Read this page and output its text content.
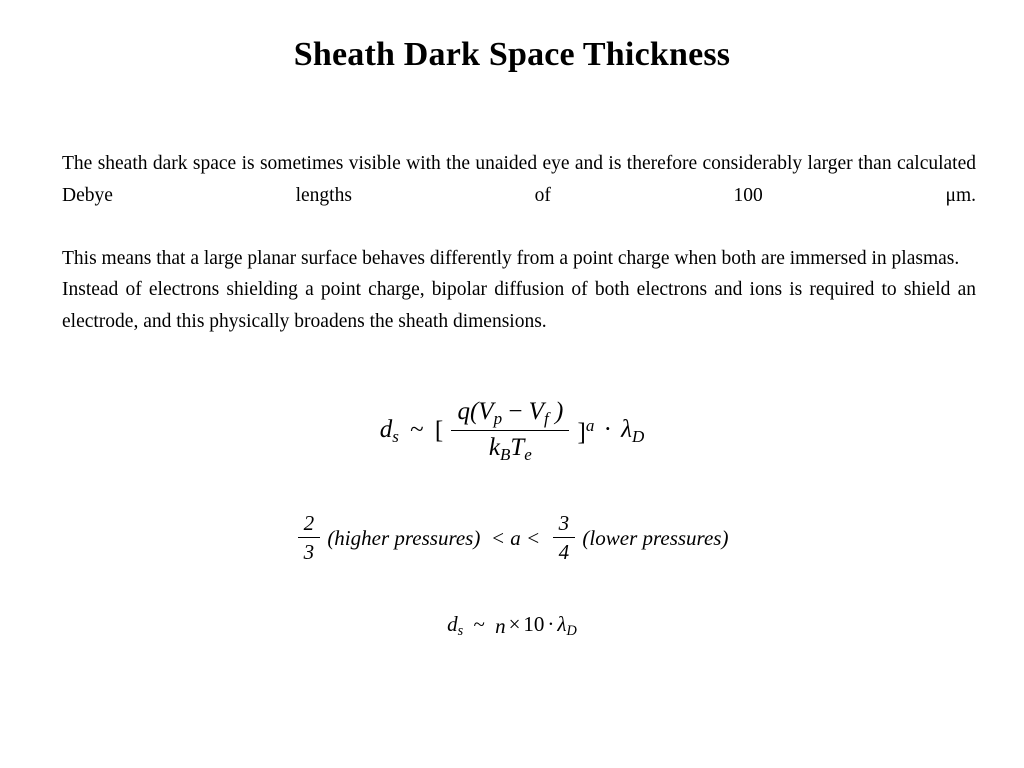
Sheath Dark Space Thickness

The sheath dark space is sometimes visible with the unaided eye and is therefore considerably larger than calculated Debye lengths of 100 μm.

This means that a large planar surface behaves differently from a point charge when both are immersed in plasmas.

Instead of electrons shielding a point charge, bipolar diffusion of both electrons and ions is required to shield an electrode, and this physically broadens the sheath dimensions.

$d_s$ ~ [ $\frac{q(V_p - V_f )}{k_BT_e} ]^a \cdot \lambda_D$
$\frac{2}{3}$ (higher pressures)  < $a < \frac{3}{4}$ (lower pressures)
$d_s$ ~ $n \times 10 \cdot \lambda_D$
